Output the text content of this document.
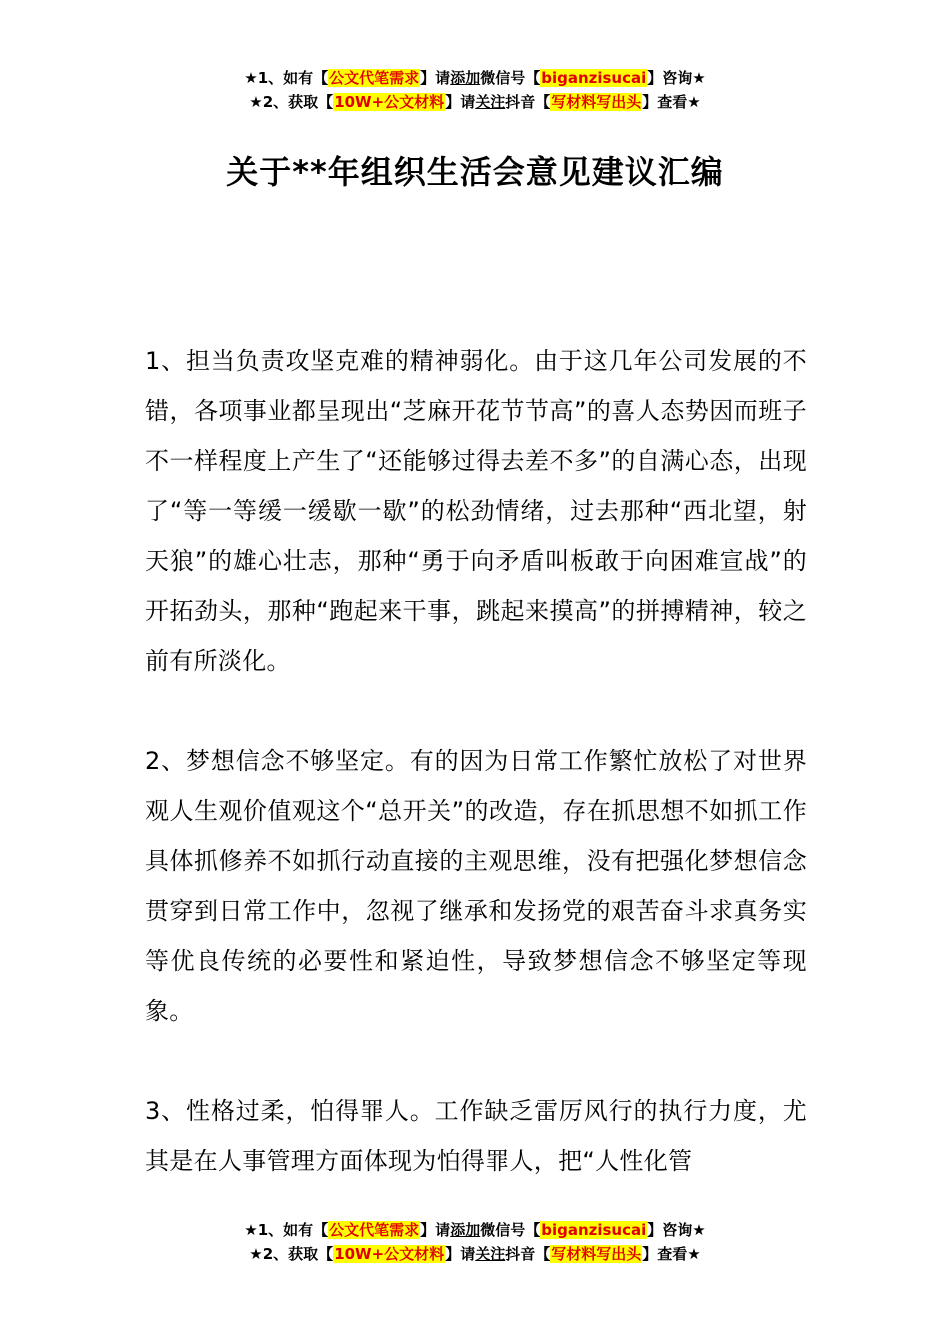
★1、如有【公文代笔需求】请添加微信号【biganzisucai】咨询★
★2、获取【10W+公文材料】请关注抖音【写材料写出头】查看★
关于**年组织生活会意见建议汇编

1、担当负责攻坚克难的精神弱化。由于这几年公司发展的不错，各项事业都呈现出“芝麻开花节节高”的喜人态势因而班子不一样程度上产生了“还能够过得去差不多”的自满心态，出现了“等一等缓一缓歇一歇”的松劲情绪，过去那种“西北望，射天狼”的雄心壮志，那种“勇于向矛盾叫板敢于向困难宣战”的开拓劲头，那种“跑起来干事，跳起来摸高”的拼搏精神，较之前有所淡化。

2、梦想信念不够坚定。有的因为日常工作繁忙放松了对世界观人生观价值观这个“总开关”的改造，存在抓思想不如抓工作具体抓修养不如抓行动直接的主观思维，没有把强化梦想信念贯穿到日常工作中，忽视了继承和发扬党的艰苦奋斗求真务实等优良传统的必要性和紧迫性，导致梦想信念不够坚定等现象。

3、性格过柔，怕得罪人。工作缺乏雷厉风行的执行力度，尤其是在人事管理方面体现为怕得罪人，把“人性化管

★1、如有【公文代笔需求】请添加微信号【biganzisucai】咨询★
★2、获取【10W+公文材料】请关注抖音【写材料写出头】查看★
